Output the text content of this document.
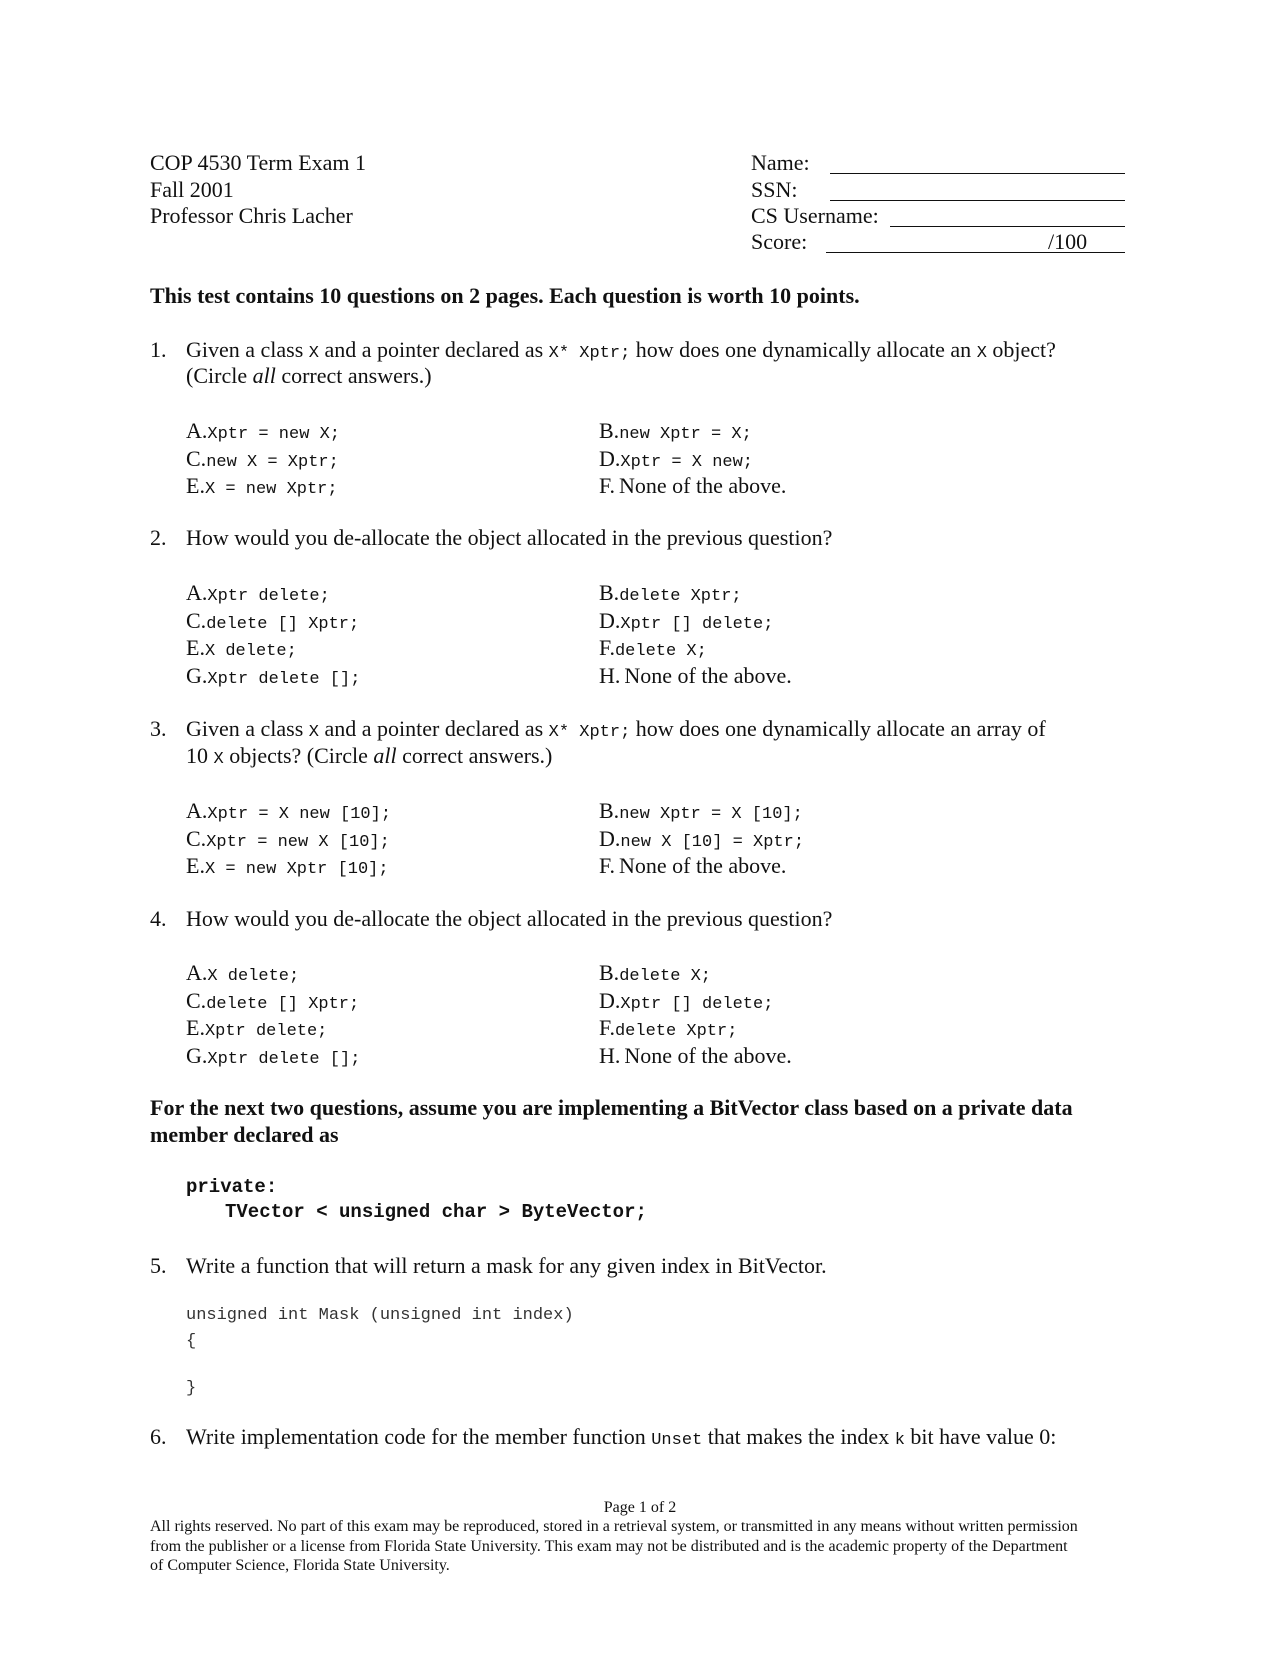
COP 4530 Term Exam 1
Fall 2001
Professor Chris Lacher
Name:
SSN:
CS Username:
Score:	/100
This test contains 10 questions on 2 pages. Each question is worth 10 points.
1. Given a class X and a pointer declared as X* Xptr; how does one dynamically allocate an X object?
(Circle all correct answers.)
A.Xptr = new X;	B.new Xptr = X;
C.new X = Xptr;	D.Xptr = X new;
E.X = new Xptr;	F. None of the above.
2. How would you de-allocate the object allocated in the previous question?
A.Xptr delete;	B.delete Xptr;
C.delete [] Xptr;	D.Xptr [] delete;
E.X delete;	F.delete X;
G.Xptr delete [];	H. None of the above.
3. Given a class X and a pointer declared as X* Xptr; how does one dynamically allocate an array of
10 X objects? (Circle all correct answers.)
A.Xptr = X new [10];	B.new Xptr = X [10];
C.Xptr = new X [10];	D.new X [10] = Xptr;
E.X = new Xptr [10];	F. None of the above.
4. How would you de-allocate the object allocated in the previous question?
A.X delete;	B.delete X;
C.delete [] Xptr;	D.Xptr [] delete;
E.Xptr delete;	F.delete Xptr;
G.Xptr delete [];	H. None of the above.
For the next two questions, assume you are implementing a BitVector class based on a private data
member declared as
private:
TVector < unsigned char > ByteVector;
5. Write a function that will return a mask for any given index in BitVector.
unsigned int Mask (unsigned int index)
{
}
6. Write implementation code for the member function Unset that makes the index k bit have value 0:
Page 1 of 2
All rights reserved. No part of this exam may be reproduced, stored in a retrieval system, or transmitted in any means without written permission
from the publisher or a license from Florida State University. This exam may not be distributed and is the academic property of the Department
of Computer Science, Florida State University.
